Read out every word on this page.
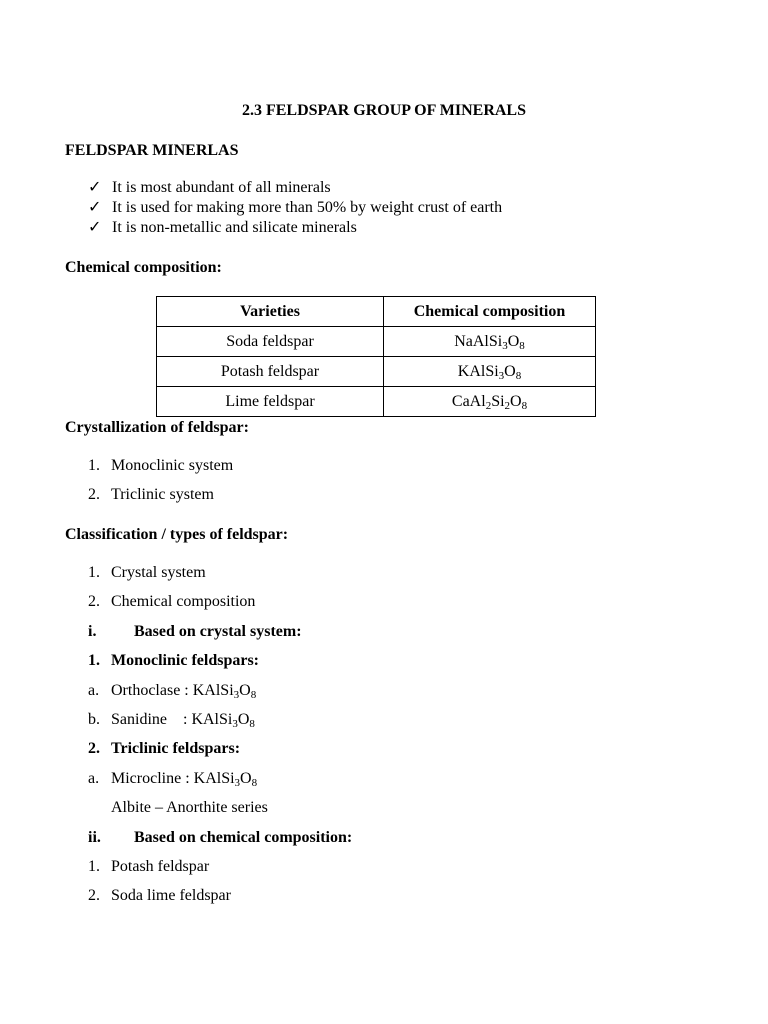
2.3 FELDSPAR GROUP OF MINERALS
FELDSPAR MINERLAS
✓ It is most abundant of all minerals
✓ It is used for making more than 50% by weight crust of earth
✓ It is non-metallic and silicate minerals
Chemical composition:
Varieties	Chemical composition
Soda feldspar	$NaAlSi_3O_8$
Potash feldspar	$KAlSi_3O_8$
Lime feldspar	$CaAl_2Si_2O_8$
Crystallization of feldspar:
1. Monoclinic system
2. Triclinic system
Classification / types of feldspar:
1. Crystal system
2. Chemical composition
i. Based on crystal system:
1. Monoclinic feldspars:
a. Orthoclase : $KAlSi_3O_8$
b. Sanidine    : $KAlSi_3O_8$
2. Triclinic feldspars:
a. Microcline : $KAlSi_3O_8$
Albite – Anorthite series
ii. Based on chemical composition:
1. Potash feldspar
2. Soda lime feldspar
